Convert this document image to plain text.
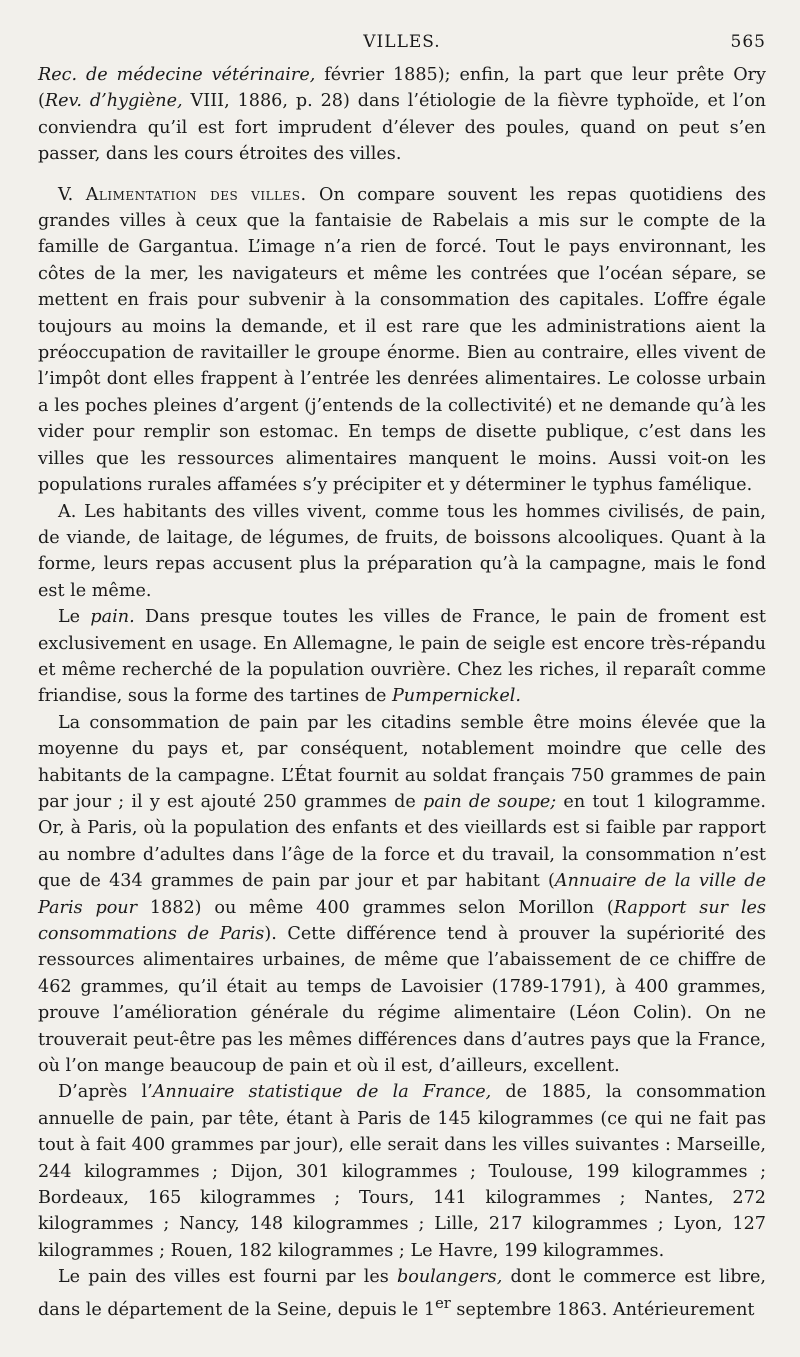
VILLES.	565

Rec. de médecine vétérinaire, février 1885); enfin, la part que leur prête Ory (Rev. d’hygiène, VIII, 1886, p. 28) dans l’étiologie de la fièvre typhoïde, et l’on conviendra qu’il est fort imprudent d’élever des poules, quand on peut s’en passer, dans les cours étroites des villes.

V. Alimentation des villes. On compare souvent les repas quotidiens des grandes villes à ceux que la fantaisie de Rabelais a mis sur le compte de la famille de Gargantua. L’image n’a rien de forcé. Tout le pays environnant, les côtes de la mer, les navigateurs et même les contrées que l’océan sépare, se mettent en frais pour subvenir à la consommation des capitales. L’offre égale toujours au moins la demande, et il est rare que les administrations aient la préoccupation de ravitailler le groupe énorme. Bien au contraire, elles vivent de l’impôt dont elles frappent à l’entrée les denrées alimentaires. Le colosse urbain a les poches pleines d’argent (j’entends de la collectivité) et ne demande qu’à les vider pour remplir son estomac. En temps de disette publique, c’est dans les villes que les ressources alimentaires manquent le moins. Aussi voit-on les populations rurales affamées s’y précipiter et y déterminer le typhus famélique.

A. Les habitants des villes vivent, comme tous les hommes civilisés, de pain, de viande, de laitage, de légumes, de fruits, de boissons alcooliques. Quant à la forme, leurs repas accusent plus la préparation qu’à la campagne, mais le fond est le même.

Le pain. Dans presque toutes les villes de France, le pain de froment est exclusivement en usage. En Allemagne, le pain de seigle est encore très-répandu et même recherché de la population ouvrière. Chez les riches, il reparaît comme friandise, sous la forme des tartines de Pumpernickel.

La consommation de pain par les citadins semble être moins élevée que la moyenne du pays et, par conséquent, notablement moindre que celle des habitants de la campagne. L’État fournit au soldat français 750 grammes de pain par jour ; il y est ajouté 250 grammes de pain de soupe; en tout 1 kilogramme. Or, à Paris, où la population des enfants et des vieillards est si faible par rapport au nombre d’adultes dans l’âge de la force et du travail, la consommation n’est que de 434 grammes de pain par jour et par habitant (Annuaire de la ville de Paris pour 1882) ou même 400 grammes selon Morillon (Rapport sur les consommations de Paris). Cette différence tend à prouver la supériorité des ressources alimentaires urbaines, de même que l’abaissement de ce chiffre de 462 grammes, qu’il était au temps de Lavoisier (1789-1791), à 400 grammes, prouve l’amélioration générale du régime alimentaire (Léon Colin). On ne trouverait peut-être pas les mêmes différences dans d’autres pays que la France, où l’on mange beaucoup de pain et où il est, d’ailleurs, excellent.

D’après l’Annuaire statistique de la France, de 1885, la consommation annuelle de pain, par tête, étant à Paris de 145 kilogrammes (ce qui ne fait pas tout à fait 400 grammes par jour), elle serait dans les villes suivantes : Marseille, 244 kilogrammes ; Dijon, 301 kilogrammes ; Toulouse, 199 kilogrammes ; Bordeaux, 165 kilogrammes ; Tours, 141 kilogrammes ; Nantes, 272 kilogrammes ; Nancy, 148 kilogrammes ; Lille, 217 kilogrammes ; Lyon, 127 kilogrammes ; Rouen, 182 kilogrammes ; Le Havre, 199 kilogrammes.

Le pain des villes est fourni par les boulangers, dont le commerce est libre, dans le département de la Seine, depuis le 1er septembre 1863. Antérieurement
